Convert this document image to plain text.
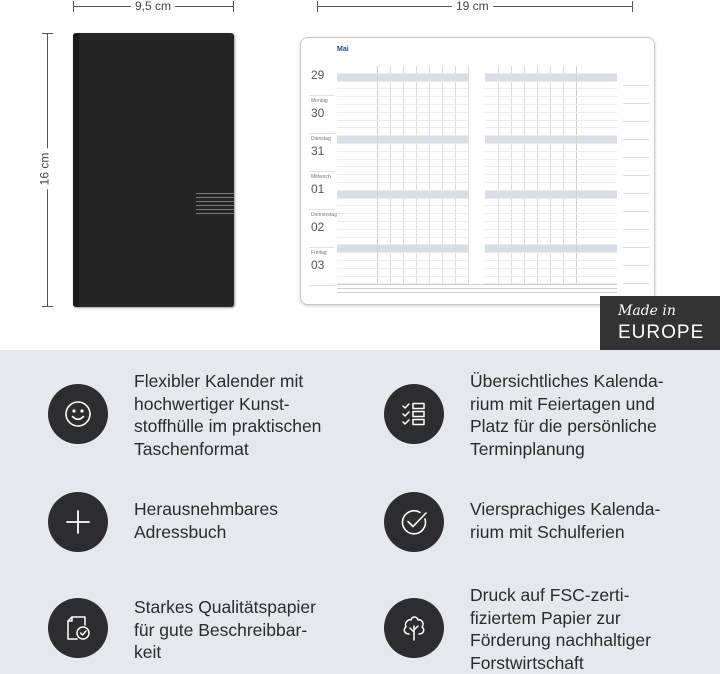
9,5 cm	19 cm
16 cm
Mai
29
Montag
30
Dienstag
31
Mittwoch
01
Donnerstag
02
Freitag
03
Made in
EUROPE
Flexibler Kalender mit
hochwertiger Kunst-
stoffhülle im praktischen
Taschenformat
Übersichtliches Kalenda-
rium mit Feiertagen und
Platz für die persönliche
Terminplanung
Herausnehmbares
Adressbuch
Viersprachiges Kalenda-
rium mit Schulferien
Starkes Qualitätspapier
für gute Beschreibbar-
keit
Druck auf FSC-zerti-
fiziertem Papier zur
Förderung nachhaltiger
Forstwirtschaft
